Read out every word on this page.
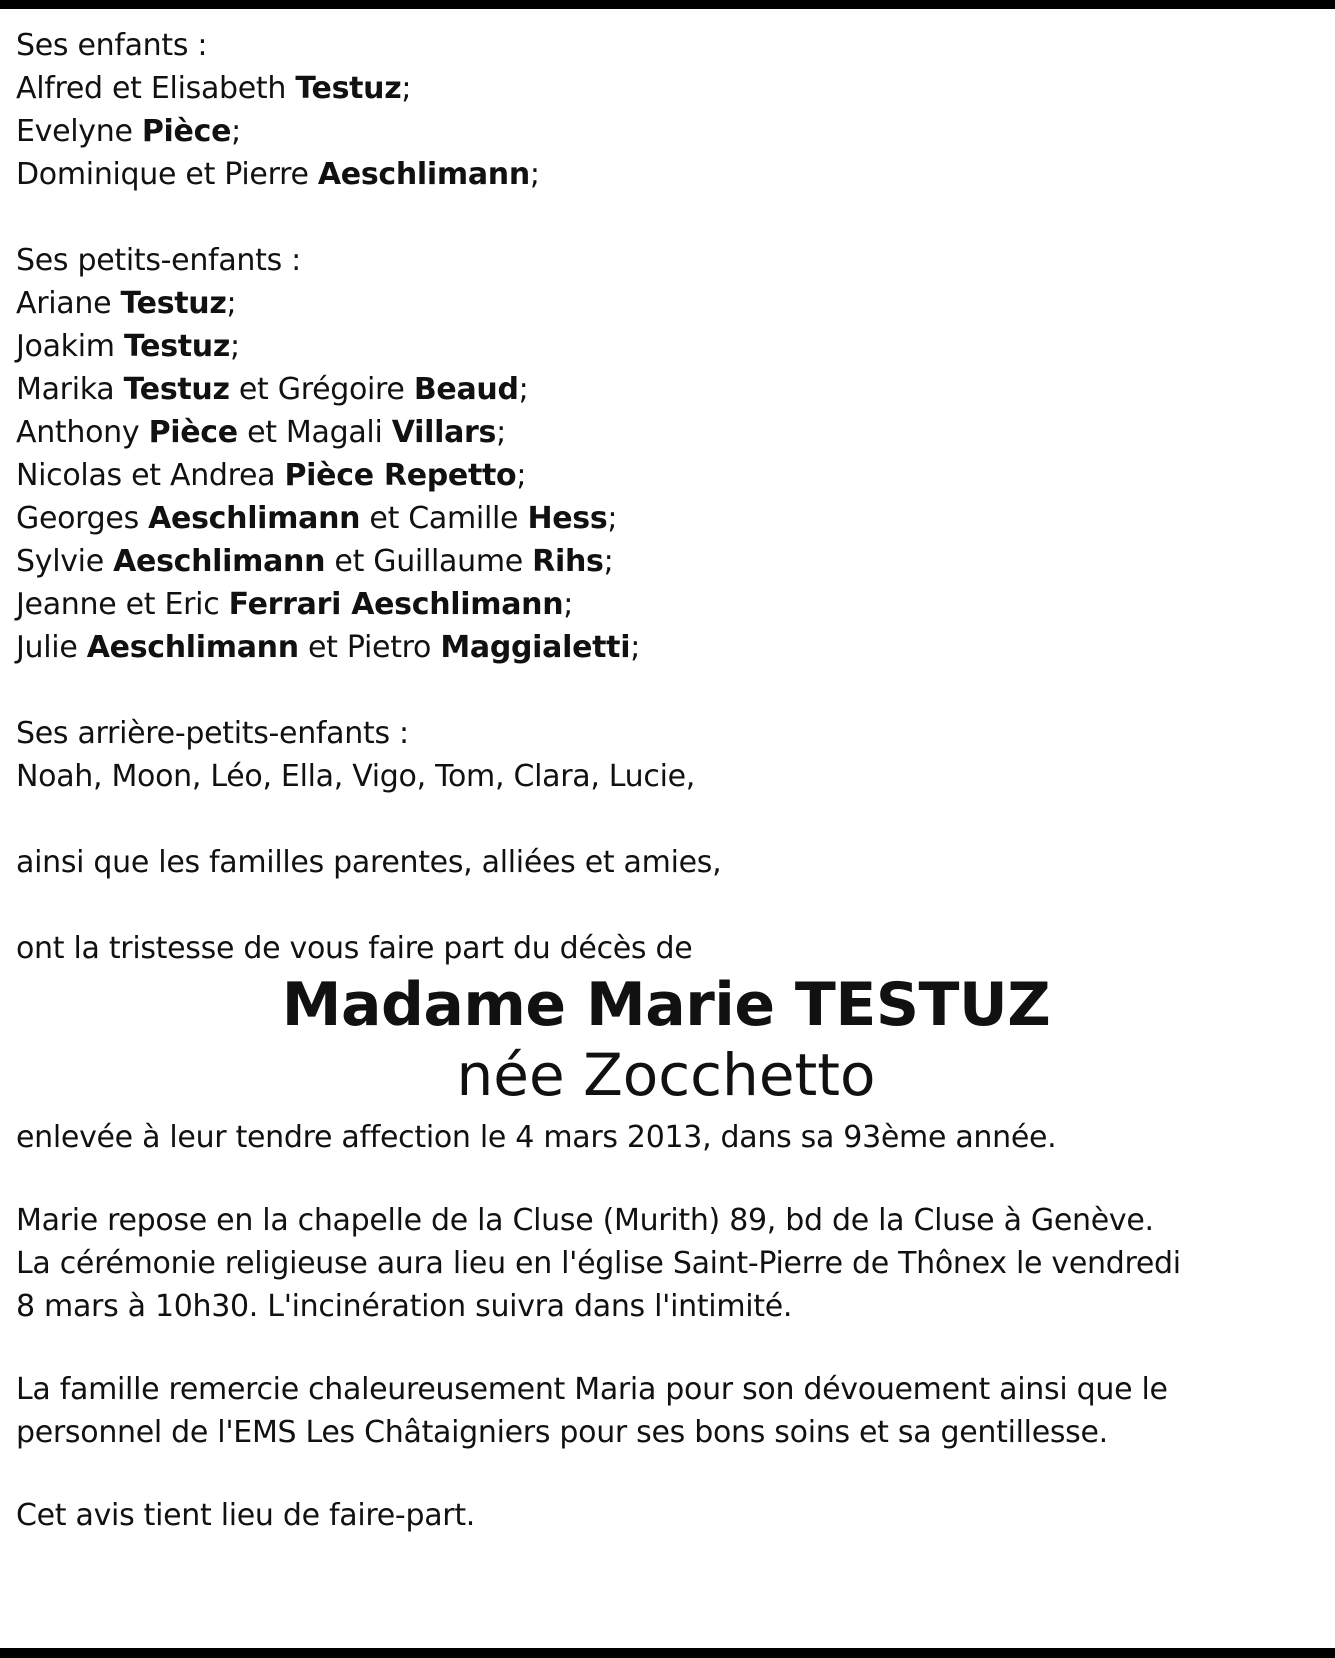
Ses enfants :
Alfred et Elisabeth Testuz;
Evelyne Pièce;
Dominique et Pierre Aeschlimann;
Ses petits-enfants :
Ariane Testuz;
Joakim Testuz;
Marika Testuz et Grégoire Beaud;
Anthony Pièce et Magali Villars;
Nicolas et Andrea Pièce Repetto;
Georges Aeschlimann et Camille Hess;
Sylvie Aeschlimann et Guillaume Rihs;
Jeanne et Eric Ferrari Aeschlimann;
Julie Aeschlimann et Pietro Maggialetti;
Ses arrière-petits-enfants :
Noah, Moon, Léo, Ella, Vigo, Tom, Clara, Lucie,
ainsi que les familles parentes, alliées et amies,
ont la tristesse de vous faire part du décès de
Madame Marie TESTUZ
née Zocchetto
enlevée à leur tendre affection le 4 mars 2013, dans sa 93ème année.
Marie repose en la chapelle de la Cluse (Murith) 89, bd de la Cluse à Genève.
La cérémonie religieuse aura lieu en l'église Saint-Pierre de Thônex le vendredi
8 mars à 10h30. L'incinération suivra dans l'intimité.
La famille remercie chaleureusement Maria pour son dévouement ainsi que le
personnel de l'EMS Les Châtaigniers pour ses bons soins et sa gentillesse.
Cet avis tient lieu de faire-part.
